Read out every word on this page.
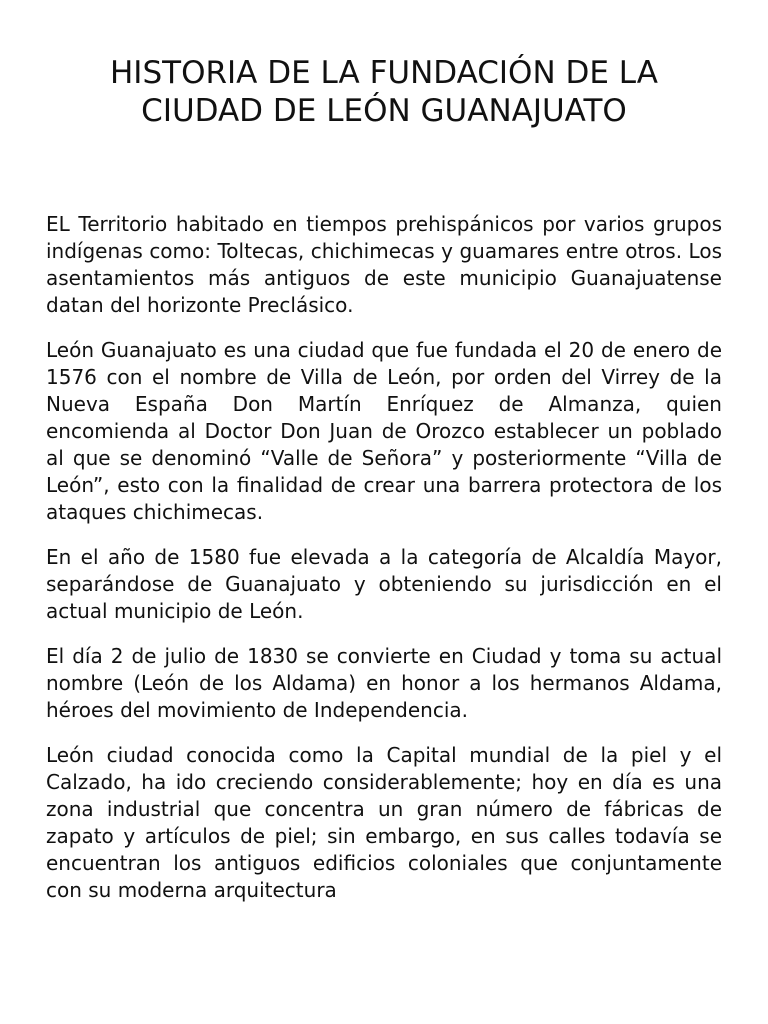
HISTORIA DE LA FUNDACIÓN DE LA
CIUDAD DE LEÓN GUANAJUATO

EL Territorio habitado en tiempos prehispánicos por varios grupos indígenas como: Toltecas, chichimecas y guamares entre otros. Los asentamientos más antiguos de este municipio Guanajuatense datan del horizonte Preclásico.

León Guanajuato es una ciudad que fue fundada el 20 de enero de 1576 con el nombre de Villa de León, por orden del Virrey de la Nueva España Don Martín Enríquez de Almanza, quien encomienda al Doctor Don Juan de Orozco establecer un poblado al que se denominó “Valle de Señora” y posteriormente “Villa de León”, esto con la finalidad de crear una barrera protectora de los ataques chichimecas.

En el año de 1580 fue elevada a la categoría de Alcaldía Mayor, separándose de Guanajuato y obteniendo su jurisdicción en el actual municipio de León.

El día 2 de julio de 1830 se convierte en Ciudad y toma su actual nombre (León de los Aldama) en honor a los hermanos Aldama, héroes del movimiento de Independencia.

León ciudad conocida como la Capital mundial de la piel y el Calzado, ha ido creciendo considerablemente; hoy en día es una zona industrial que concentra un gran número de fábricas de zapato y artículos de piel; sin embargo, en sus calles todavía se encuentran los antiguos edificios coloniales que conjuntamente con su moderna arquitectura
